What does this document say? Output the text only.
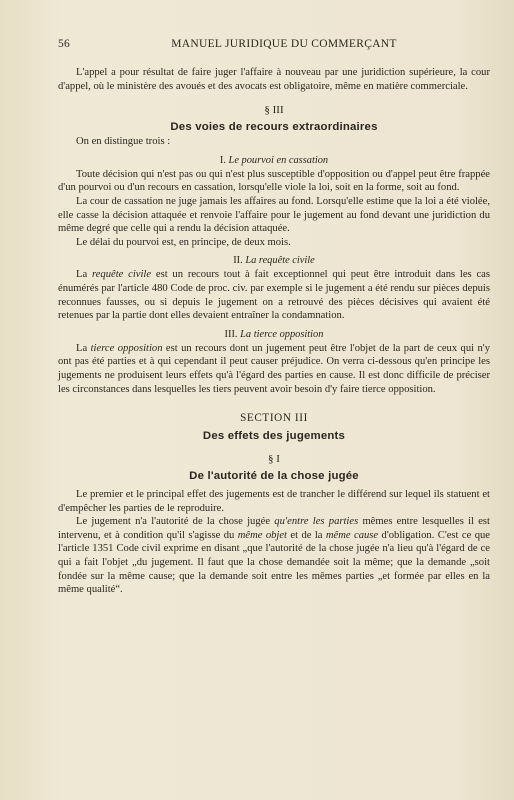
56	MANUEL JURIDIQUE DU COMMERÇANT

L'appel a pour résultat de faire juger l'affaire à nouveau par une juridiction supérieure, la cour d'appel, où le ministère des avoués et des avocats est obligatoire, même en matière commerciale.

§ III
Des voies de recours extraordinaires

On en distingue trois :

I. Le pourvoi en cassation

Toute décision qui n'est pas ou qui n'est plus susceptible d'opposition ou d'appel peut être frappée d'un pourvoi ou d'un recours en cassation, lorsqu'elle viole la loi, soit en la forme, soit au fond.

La cour de cassation ne juge jamais les affaires au fond. Lorsqu'elle estime que la loi a été violée, elle casse la décision attaquée et renvoie l'affaire pour le jugement au fond devant une juridiction du même degré que celle qui a rendu la décision attaquée.

Le délai du pourvoi est, en principe, de deux mois.

II. La requête civile

La requête civile est un recours tout à fait exceptionnel qui peut être introduit dans les cas énumérés par l'article 480 Code de proc. civ. par exemple si le jugement a été rendu sur pièces depuis reconnues fausses, ou si depuis le jugement on a retrouvé des pièces décisives qui avaient été retenues par la partie dont elles devaient entraîner la condamnation.

III. La tierce opposition

La tierce opposition est un recours dont un jugement peut être l'objet de la part de ceux qui n'y ont pas été parties et à qui cependant il peut causer préjudice. On verra ci-dessous qu'en principe les jugements ne produisent leurs effets qu'à l'égard des parties en cause. Il est donc difficile de préciser les circonstances dans lesquelles les tiers peuvent avoir besoin d'y faire tierce opposition.

SECTION III
Des effets des jugements
§ I
De l'autorité de la chose jugée

Le premier et le principal effet des jugements est de trancher le différend sur lequel ils statuent et d'empêcher les parties de le reproduire.

Le jugement n'a l'autorité de la chose jugée qu'entre les parties mêmes entre lesquelles il est intervenu, et à condition qu'il s'agisse du même objet et de la même cause d'obligation. C'est ce que l'article 1351 Code civil exprime en disant „que l'autorité de la chose jugée n'a lieu qu'à l'égard de ce qui a fait l'objet „du jugement. Il faut que la chose demandée soit la même; que la demande „soit fondée sur la même cause; que la demande soit entre les mêmes parties „et formée par elles en la même qualité“.
